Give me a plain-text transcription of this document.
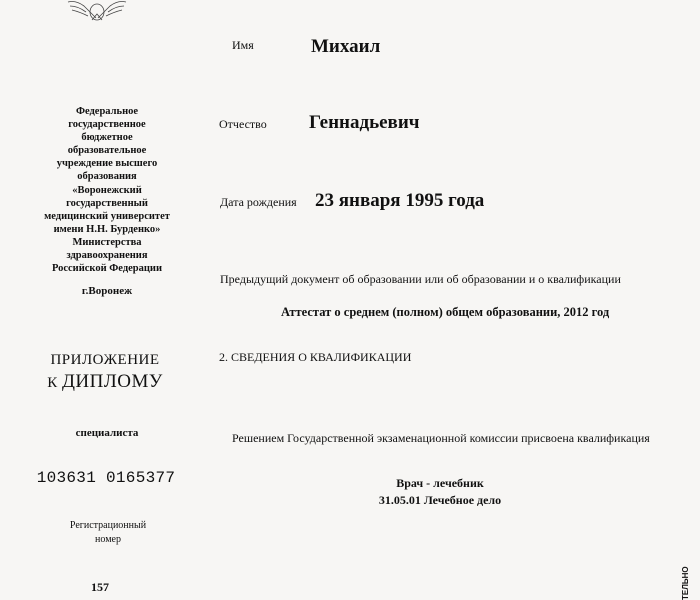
Федеральное
государственное
бюджетное
образовательное
учреждение высшего
образования
«Воронежский
государственный
медицинский университет
имени Н.Н. Бурденко»
Министерства
здравоохранения
Российской Федерации
г.Воронеж
ПРИЛОЖЕНИЕ
К ДИПЛОМУ
специалиста
103631 0165377
Регистрационный
номер
157
Имя	Михаил
Отчество Геннадьевич
Дата рождения 23 января 1995 года
Предыдущий документ об образовании или об образовании и о квалификации
Аттестат о среднем (полном) общем образовании, 2012 год
2. СВЕДЕНИЯ О КВАЛИФИКАЦИИ
Решением Государственной экзаменационной комиссии присвоена квалификация
Врач - лечебник
31.05.01 Лечебное дело
ТЕЛЬНО
